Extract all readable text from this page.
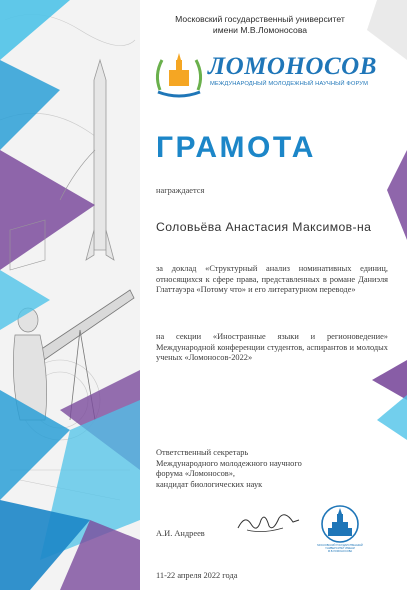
Московский государственный университет
имени М.В.Ломоносова
ЛОМОНОСОВ
МЕЖДУНАРОДНЫЙ МОЛОДЕЖНЫЙ НАУЧНЫЙ ФОРУМ
ГРАМОТА
награждается
Соловьёва Анастасия Максимов-на
за доклад «Структурный анализ номинативных единиц, относящихся к сфере права, представленных в романе Даниэля Глаттауэра «Потому что» и его литературном переводе»
на секции «Иностранные языки и регионоведение» Международной конференции студентов, аспирантов и молодых ученых «Ломоносов-2022»
Ответственный секретарь
Международного молодежного научного
форума «Ломоносов»,
кандидат биологических наук
А.И. Андреев
МОСКОВСКИЙ ГОСУДАРСТВЕННЫЙ УНИВЕРСИТЕТ ИМЕНИ М.В.ЛОМОНОСОВА
11-22 апреля 2022 года
